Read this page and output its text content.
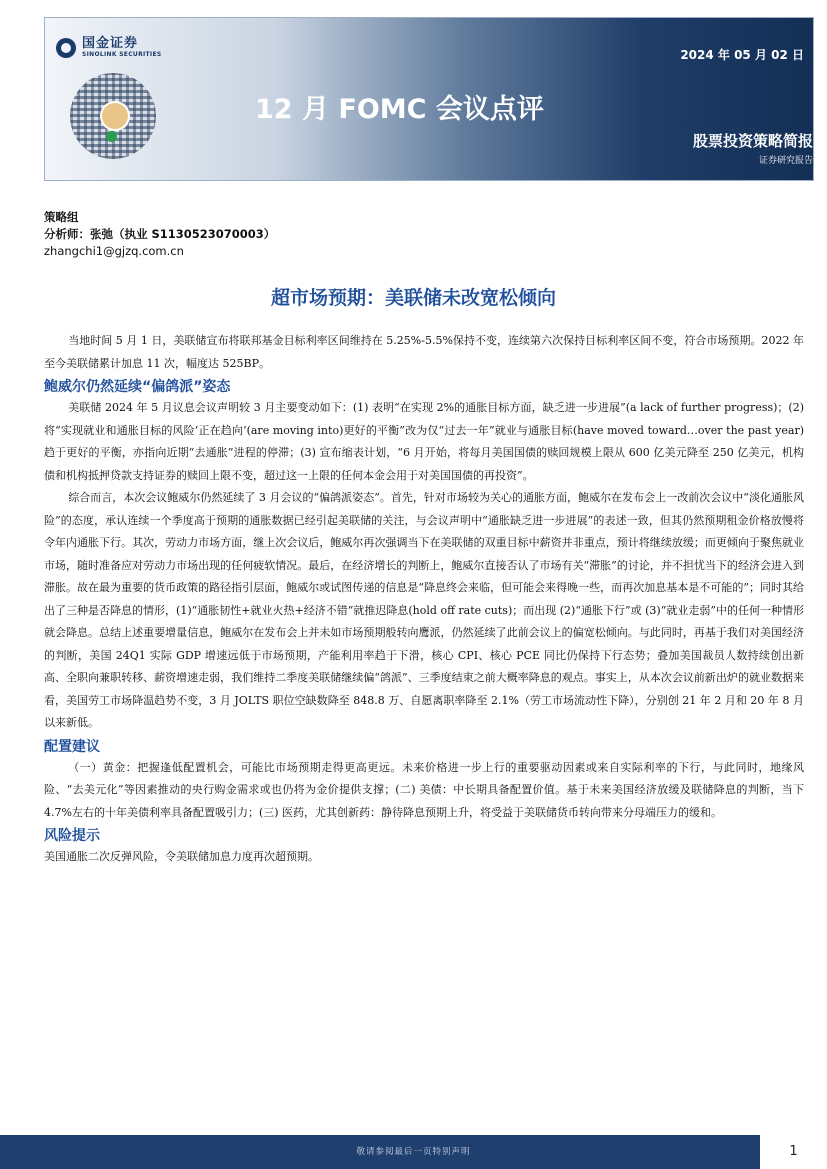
国金证券
SINOLINK SECURITIES	2024 年 05 月 02 日
12 月 FOMC 会议点评
股票投资策略简报
证券研究报告
策略组
分析师：张弛（执业 S1130523070003）
zhangchi1@gjzq.com.cn
超市场预期：美联储未改宽松倾向

当地时间 5 月 1 日，美联储宣布将联邦基金目标利率区间维持在 5.25%-5.5%保持不变，连续第六次保持目标利率区间不变，符合市场预期。2022 年至今美联储累计加息 11 次，幅度达 525BP。

鲍威尔仍然延续“偏鸽派”姿态

美联储 2024 年 5 月议息会议声明较 3 月主要变动如下：(1) 表明“在实现 2%的通胀目标方面，缺乏进一步进展”(a lack of further progress)；(2) 将“实现就业和通胀目标的风险‘正在趋向’(are moving into)更好的平衡”改为仅“过去一年”就业与通胀目标(have moved toward…over the past year)趋于更好的平衡，亦指向近期“去通胀”进程的停滞；(3) 宣布缩表计划，“6 月开始，将每月美国国债的赎回规模上限从 600 亿美元降至 250 亿美元，机构债和机构抵押贷款支持证券的赎回上限不变，超过这一上限的任何本金会用于对美国国债的再投资”。

综合而言，本次会议鲍威尔仍然延续了 3 月会议的“偏鸽派姿态”。首先，针对市场较为关心的通胀方面，鲍威尔在发布会上一改前次会议中“淡化通胀风险”的态度，承认连续一个季度高于预期的通胀数据已经引起美联储的关注，与会议声明中“通胀缺乏进一步进展”的表述一致，但其仍然预期租金价格放慢将令年内通胀下行。其次，劳动力市场方面，继上次会议后，鲍威尔再次强调当下在美联储的双重目标中薪资并非重点，预计将继续放缓；而更倾向于聚焦就业市场，随时准备应对劳动力市场出现的任何疲软情况。最后，在经济增长的判断上，鲍威尔直接否认了市场有关“滞胀”的讨论，并不担忧当下的经济会进入到滞胀。故在最为重要的货币政策的路径指引层面，鲍威尔或试图传递的信息是“降息终会来临，但可能会来得晚一些，而再次加息基本是不可能的”；同时其给出了三种是否降息的情形，(1)“通胀韧性+就业火热+经济不错”就推迟降息(hold off rate cuts)；而出现 (2)“通胀下行”或 (3)“就业走弱”中的任何一种情形就会降息。总结上述重要增量信息，鲍威尔在发布会上并未如市场预期般转向鹰派，仍然延续了此前会议上的偏宽松倾向。与此同时，再基于我们对美国经济的判断，美国 24Q1 实际 GDP 增速远低于市场预期，产能利用率趋于下滑，核心 CPI、核心 PCE 同比仍保持下行态势；叠加美国裁员人数持续创出新高、全职向兼职转移、薪资增速走弱，我们维持二季度美联储继续偏“鸽派”、三季度结束之前大概率降息的观点。事实上，从本次会议前新出炉的就业数据来看，美国劳工市场降温趋势不变，3 月 JOLTS 职位空缺数降至 848.8 万、自愿离职率降至 2.1%（劳工市场流动性下降），分别创 21 年 2 月和 20 年 8 月以来新低。

配置建议

（一）黄金：把握逢低配置机会，可能比市场预期走得更高更远。未来价格进一步上行的重要驱动因素或来自实际利率的下行，与此同时，地缘风险、“去美元化”等因素推动的央行购金需求或也仍将为金价提供支撑；(二) 美债：中长期具备配置价值。基于未来美国经济放缓及联储降息的判断，当下 4.7%左右的十年美债利率具备配置吸引力；(三) 医药，尤其创新药：静待降息预期上升，将受益于美联储货币转向带来分母端压力的缓和。

风险提示

美国通胀二次反弹风险，令美联储加息力度再次超预期。

敬请参阅最后一页特别声明	1
